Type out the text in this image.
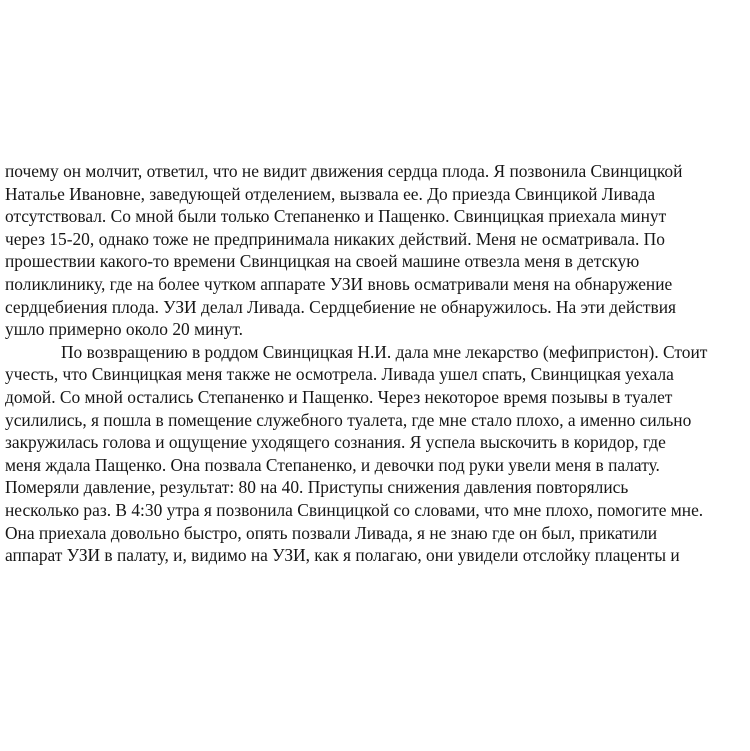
почему он молчит, ответил, что не видит движения сердца плода. Я позвонила Свинцицкой
Наталье Ивановне, заведующей отделением, вызвала ее. До приезда Свинцикой Ливада
отсутствовал. Со мной были только Степаненко и Пащенко. Свинцицкая приехала минут
через 15-20, однако тоже не предпринимала никаких действий. Меня не осматривала. По
прошествии какого-то времени Свинцицкая на своей машине отвезла меня в детскую
поликлинику, где на более чутком аппарате УЗИ вновь осматривали меня на обнаружение
сердцебиения плода. УЗИ делал Ливада. Сердцебиение не обнаружилось. На эти действия
ушло примерно около 20 минут.
По возвращению в роддом Свинцицкая Н.И. дала мне лекарство (мефипристон). Стоит
учесть, что Свинцицкая меня также не осмотрела. Ливада ушел спать, Свинцицкая уехала
домой. Со мной остались Степаненко и Пащенко. Через некоторое время позывы в туалет
усилились, я пошла в помещение служебного туалета, где мне стало плохо, а именно сильно
закружилась голова и ощущение уходящего сознания. Я успела выскочить в коридор, где
меня ждала Пащенко. Она позвала Степаненко, и девочки под руки увели меня в палату.
Померяли давление, результат: 80 на 40. Приступы снижения давления повторялись
несколько раз. В 4:30 утра я позвонила Свинцицкой со словами, что мне плохо, помогите мне.
Она приехала довольно быстро, опять позвали Ливада, я не знаю где он был, прикатили
аппарат УЗИ в палату, и, видимо на УЗИ, как я полагаю, они увидели отслойку плаценты и
